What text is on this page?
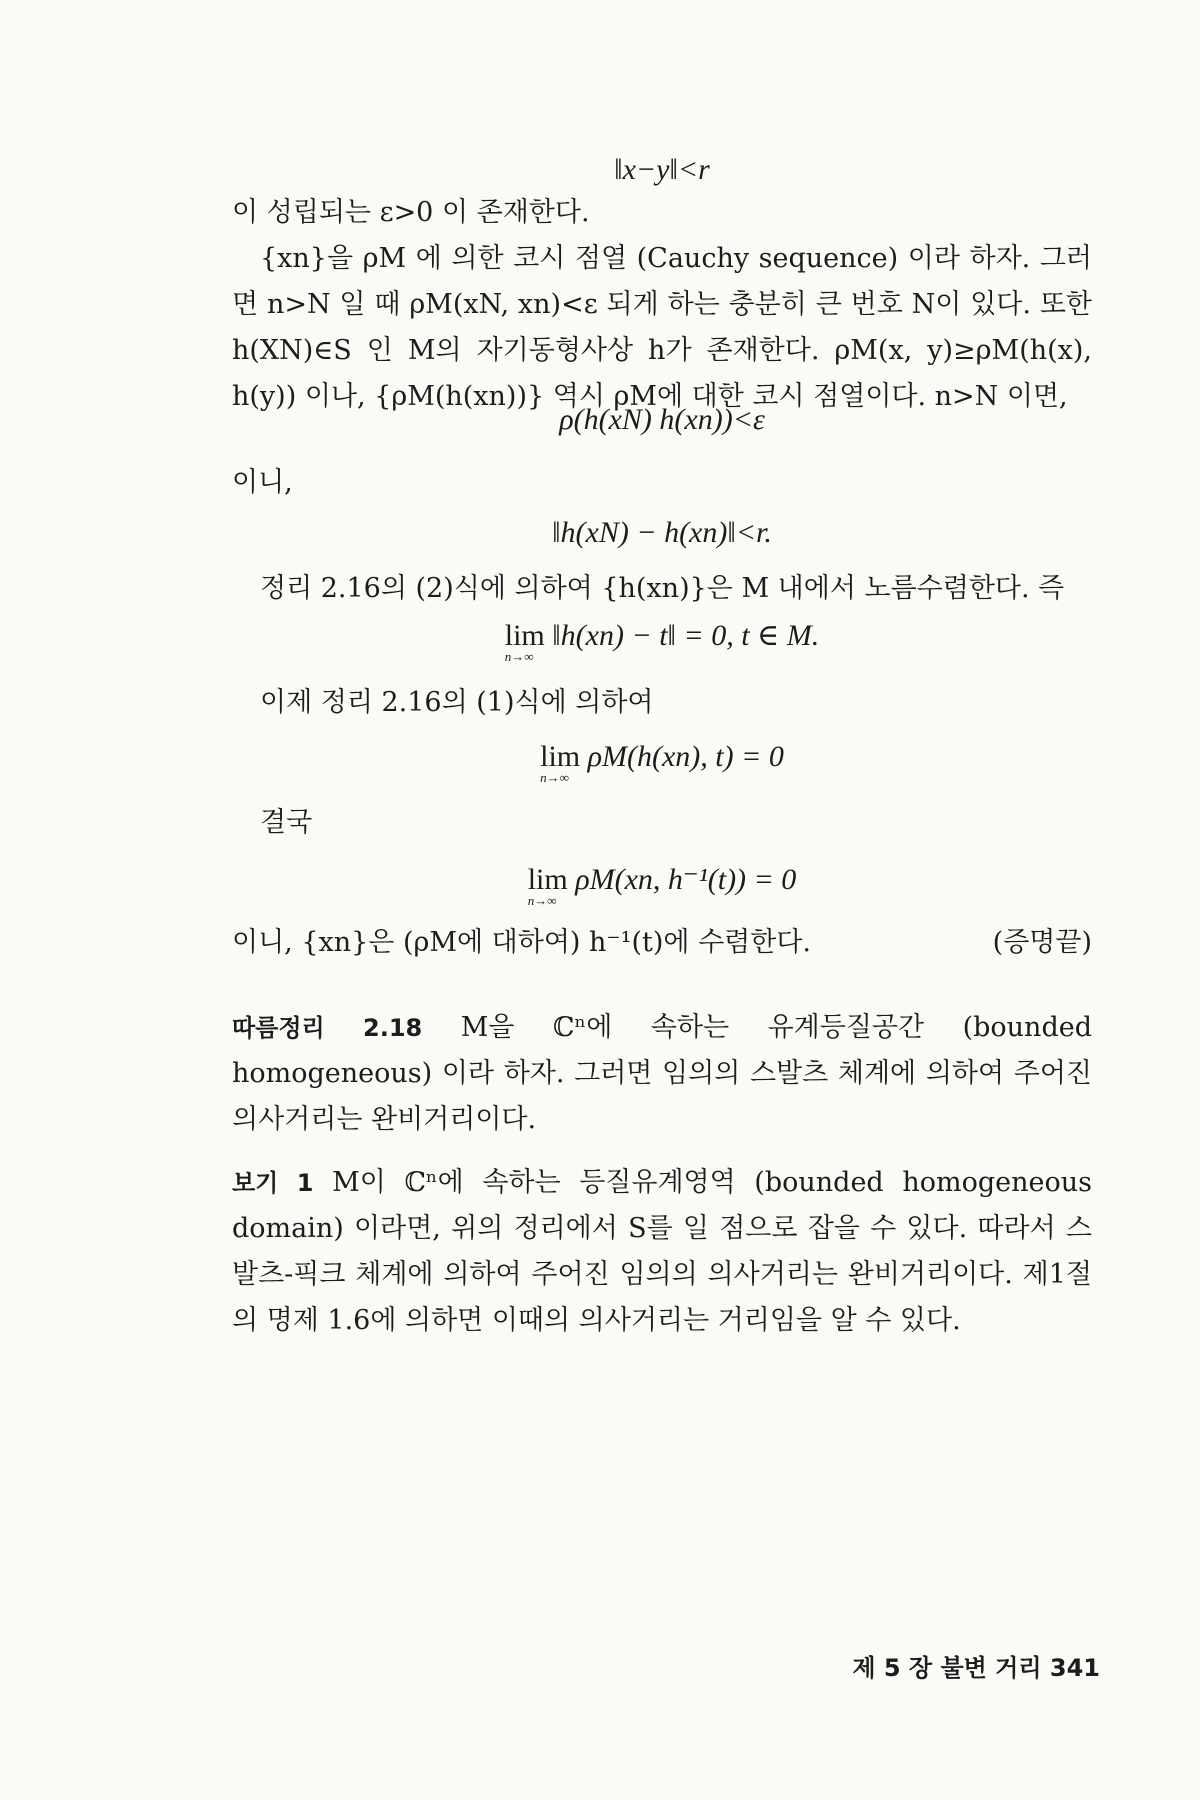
‖x−y‖<r

이 성립되는 ε>0 이 존재한다.

{xn}을 ρM 에 의한 코시 점열 (Cauchy sequence) 이라 하자. 그러면 n>N 일 때 ρM(xN, xn)<ε 되게 하는 충분히 큰 번호 N이 있다. 또한 h(XN)∈S 인 M의 자기동형사상 h가 존재한다. ρM(x, y)≥ρM(h(x), h(y)) 이나, {ρM(h(xn))} 역시 ρM에 대한 코시 점열이다. n>N 이면,

ρ(h(xN) h(xn))<ε

이니,

‖h(xN) − h(xn)‖<r.

정리 2.16의 (2)식에 의하여 {h(xn)}은 M 내에서 노름수렴한다. 즉

lim
n→∞
‖h(xn) − t‖ = 0, t ∈ M.

이제 정리 2.16의 (1)식에 의하여

lim
n→∞
ρM(h(xn), t) = 0

결국

lim
n→∞
ρM(xn, h⁻¹(t)) = 0

이니, {xn}은 (ρM에 대하여) h⁻¹(t)에 수렴한다.	(증명끝)

따름정리 2.18 M을 ℂⁿ에 속하는 유계등질공간 (bounded homogeneous) 이라 하자. 그러면 임의의 스발츠 체계에 의하여 주어진 의사거리는 완비거리이다.

보기 1 M이 ℂⁿ에 속하는 등질유계영역 (bounded homogeneous domain) 이라면, 위의 정리에서 S를 일 점으로 잡을 수 있다. 따라서 스발츠-픽크 체계에 의하여 주어진 임의의 의사거리는 완비거리이다. 제1절의 명제 1.6에 의하면 이때의 의사거리는 거리임을 알 수 있다.

제 5 장 불변 거리 341
